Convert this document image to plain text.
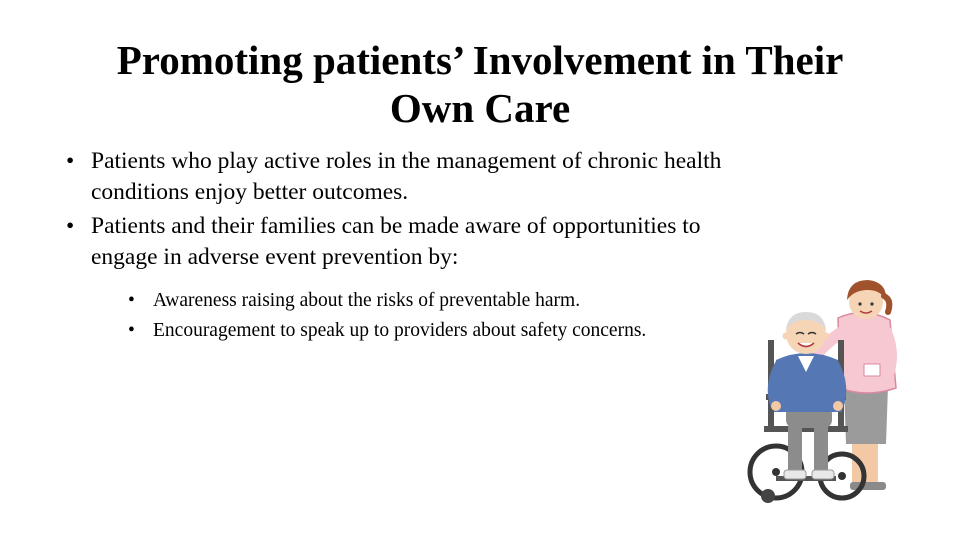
Promoting patients’ Involvement in Their
Own Care
• Patients who play active roles in the management of chronic health conditions enjoy better outcomes.
• Patients and their families can be made aware of opportunities to engage in adverse event prevention by:
• Awareness raising about the risks of preventable harm.
• Encouragement to speak up to providers about safety concerns.
